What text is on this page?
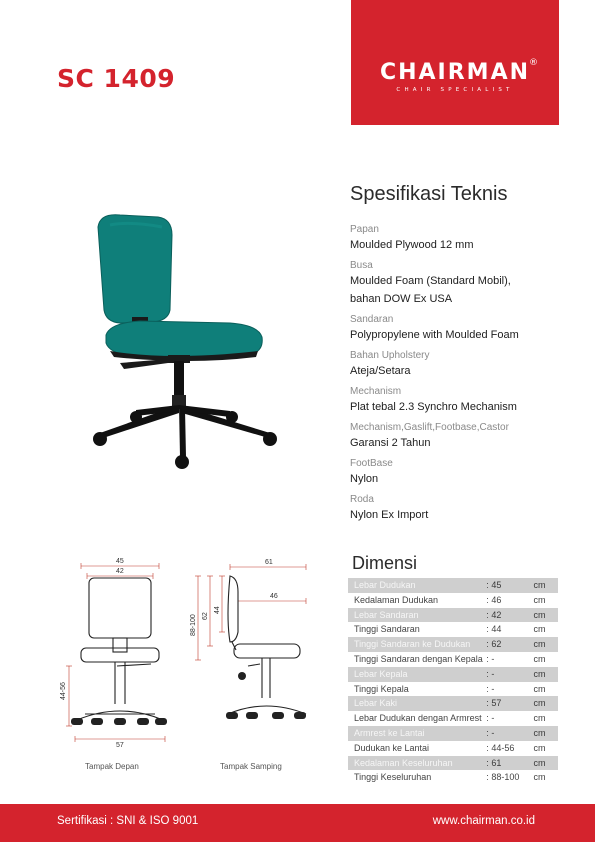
CHAIRMAN
®
CHAIR SPECIALIST
SC 1409
Spesifikasi Teknis
Papan
Moulded Plywood 12 mm
Busa
Moulded Foam (Standard Mobil), bahan DOW Ex USA
Sandaran
Polypropylene with Moulded Foam
Bahan Upholstery
Ateja/Setara
Mechanism
Plat tebal 2.3 Synchro Mechanism
Mechanism,Gaslift,Footbase,Castor
Garansi 2 Tahun
FootBase
Nylon
Roda
Nylon Ex Import
45
42
44-56
57
Tampak Depan
61
46
88-100 62
44
Tampak Samping
Dimensi
Lebar Dudukan	: 45	cm
Kedalaman Dudukan	: 46	cm
Lebar Sandaran	: 42	cm
Tinggi Sandaran	: 44	cm
Tinggi Sandaran ke Dudukan	: 62	cm
Tinggi Sandaran dengan Kepala	: -	cm
Lebar Kepala	: -	cm
Tinggi Kepala	: -	cm
Lebar Kaki	: 57	cm
Lebar Dudukan dengan Armrest	: -	cm
Armrest ke Lantai	: -	cm
Dudukan ke Lantai	: 44-56	cm
Kedalaman Keseluruhan	: 61	cm
Tinggi Keseluruhan	: 88-100	cm
Sertifikasi : SNI & ISO 9001	www.chairman.co.id
